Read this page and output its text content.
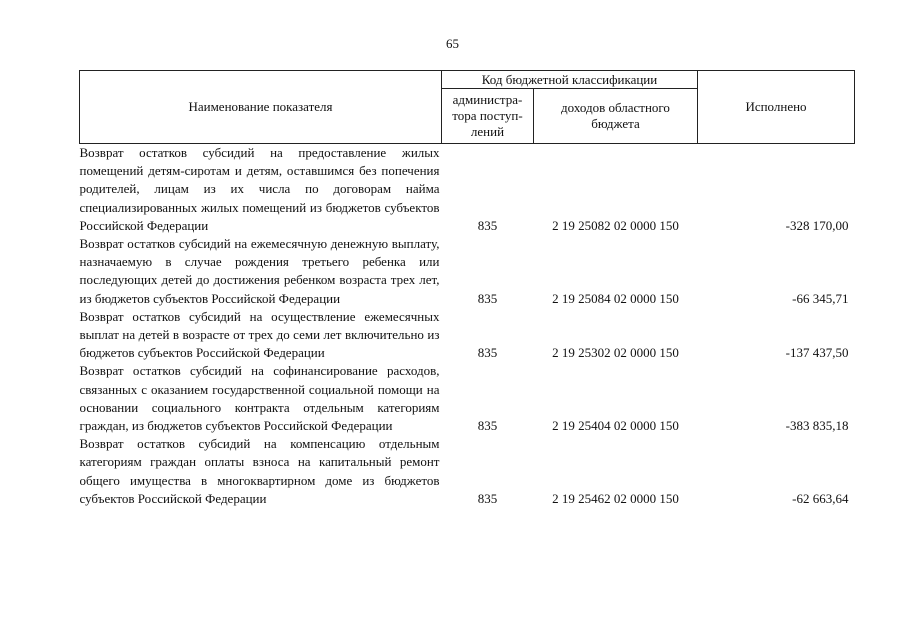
65
Наименование показателя	Код бюджетной классификации		Исполнено

	администра-
тора поступ-
лений	доходов областного бюджета	
Возврат остатков субсидий на предоставление жилых помещений детям-сиротам и детям, оставшимся без попечения родителей, лицам из их числа по договорам найма специализированных жилых помещений из бюджетов субъектов Российской Федерации	835	2 19 25082 02 0000 150	-328 170,00
Возврат остатков субсидий на ежемесячную денежную выплату, назначаемую в случае рождения третьего ребенка или последующих детей до достижения ребенком возраста трех лет, из бюджетов субъектов Российской Федерации	835	2 19 25084 02 0000 150	-66 345,71
Возврат остатков субсидий на осуществление ежемесячных выплат на детей в возрасте от трех до семи лет включительно из бюджетов субъектов Российской Федерации	835	2 19 25302 02 0000 150	-137 437,50
Возврат остатков субсидий на софинансирование расходов, связанных с оказанием государственной социальной помощи на основании социального контракта отдельным категориям граждан, из бюджетов субъектов Российской Федерации	835	2 19 25404 02 0000 150	-383 835,18
Возврат остатков субсидий на компенсацию отдельным категориям граждан оплаты взноса на капитальный ремонт общего имущества в многоквартирном доме из бюджетов субъектов Российской Федерации	835	2 19 25462 02 0000 150	-62 663,64
